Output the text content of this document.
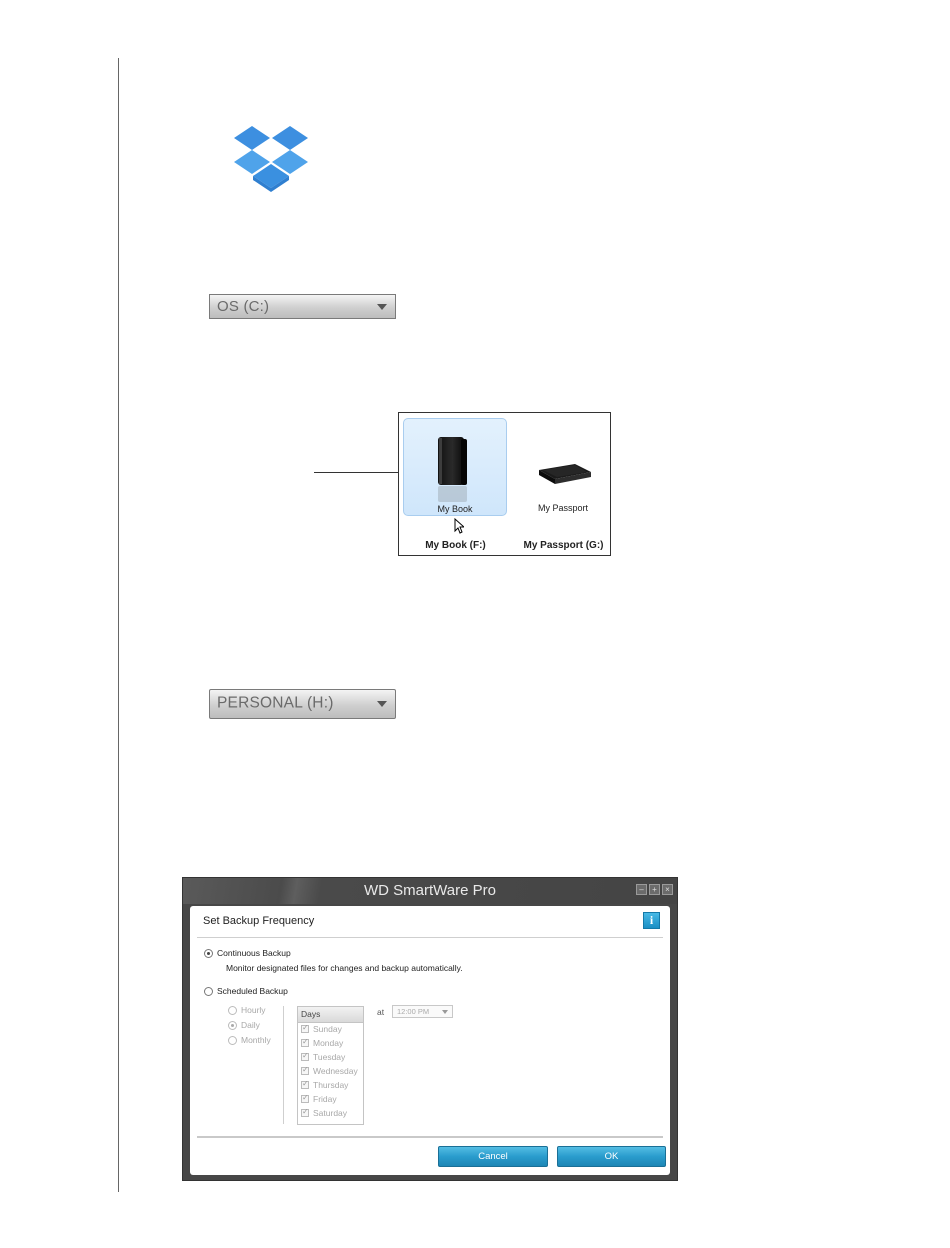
OS (C:)
My Book	My Passport
My Book (F:)	My Passport (G:)
PERSONAL (H:)
WD SmartWare Pro	–	+	×
Set Backup Frequency	i
Continuous Backup
Monitor designated files for changes and backup automatically.
Scheduled Backup
Hourly
Daily
Monthly
Days
✓
Sunday
✓
Monday
✓
Tuesday
✓
Wednesday
✓
Thursday
✓
Friday
✓
Saturday
at 12:00 PM
Cancel	OK
